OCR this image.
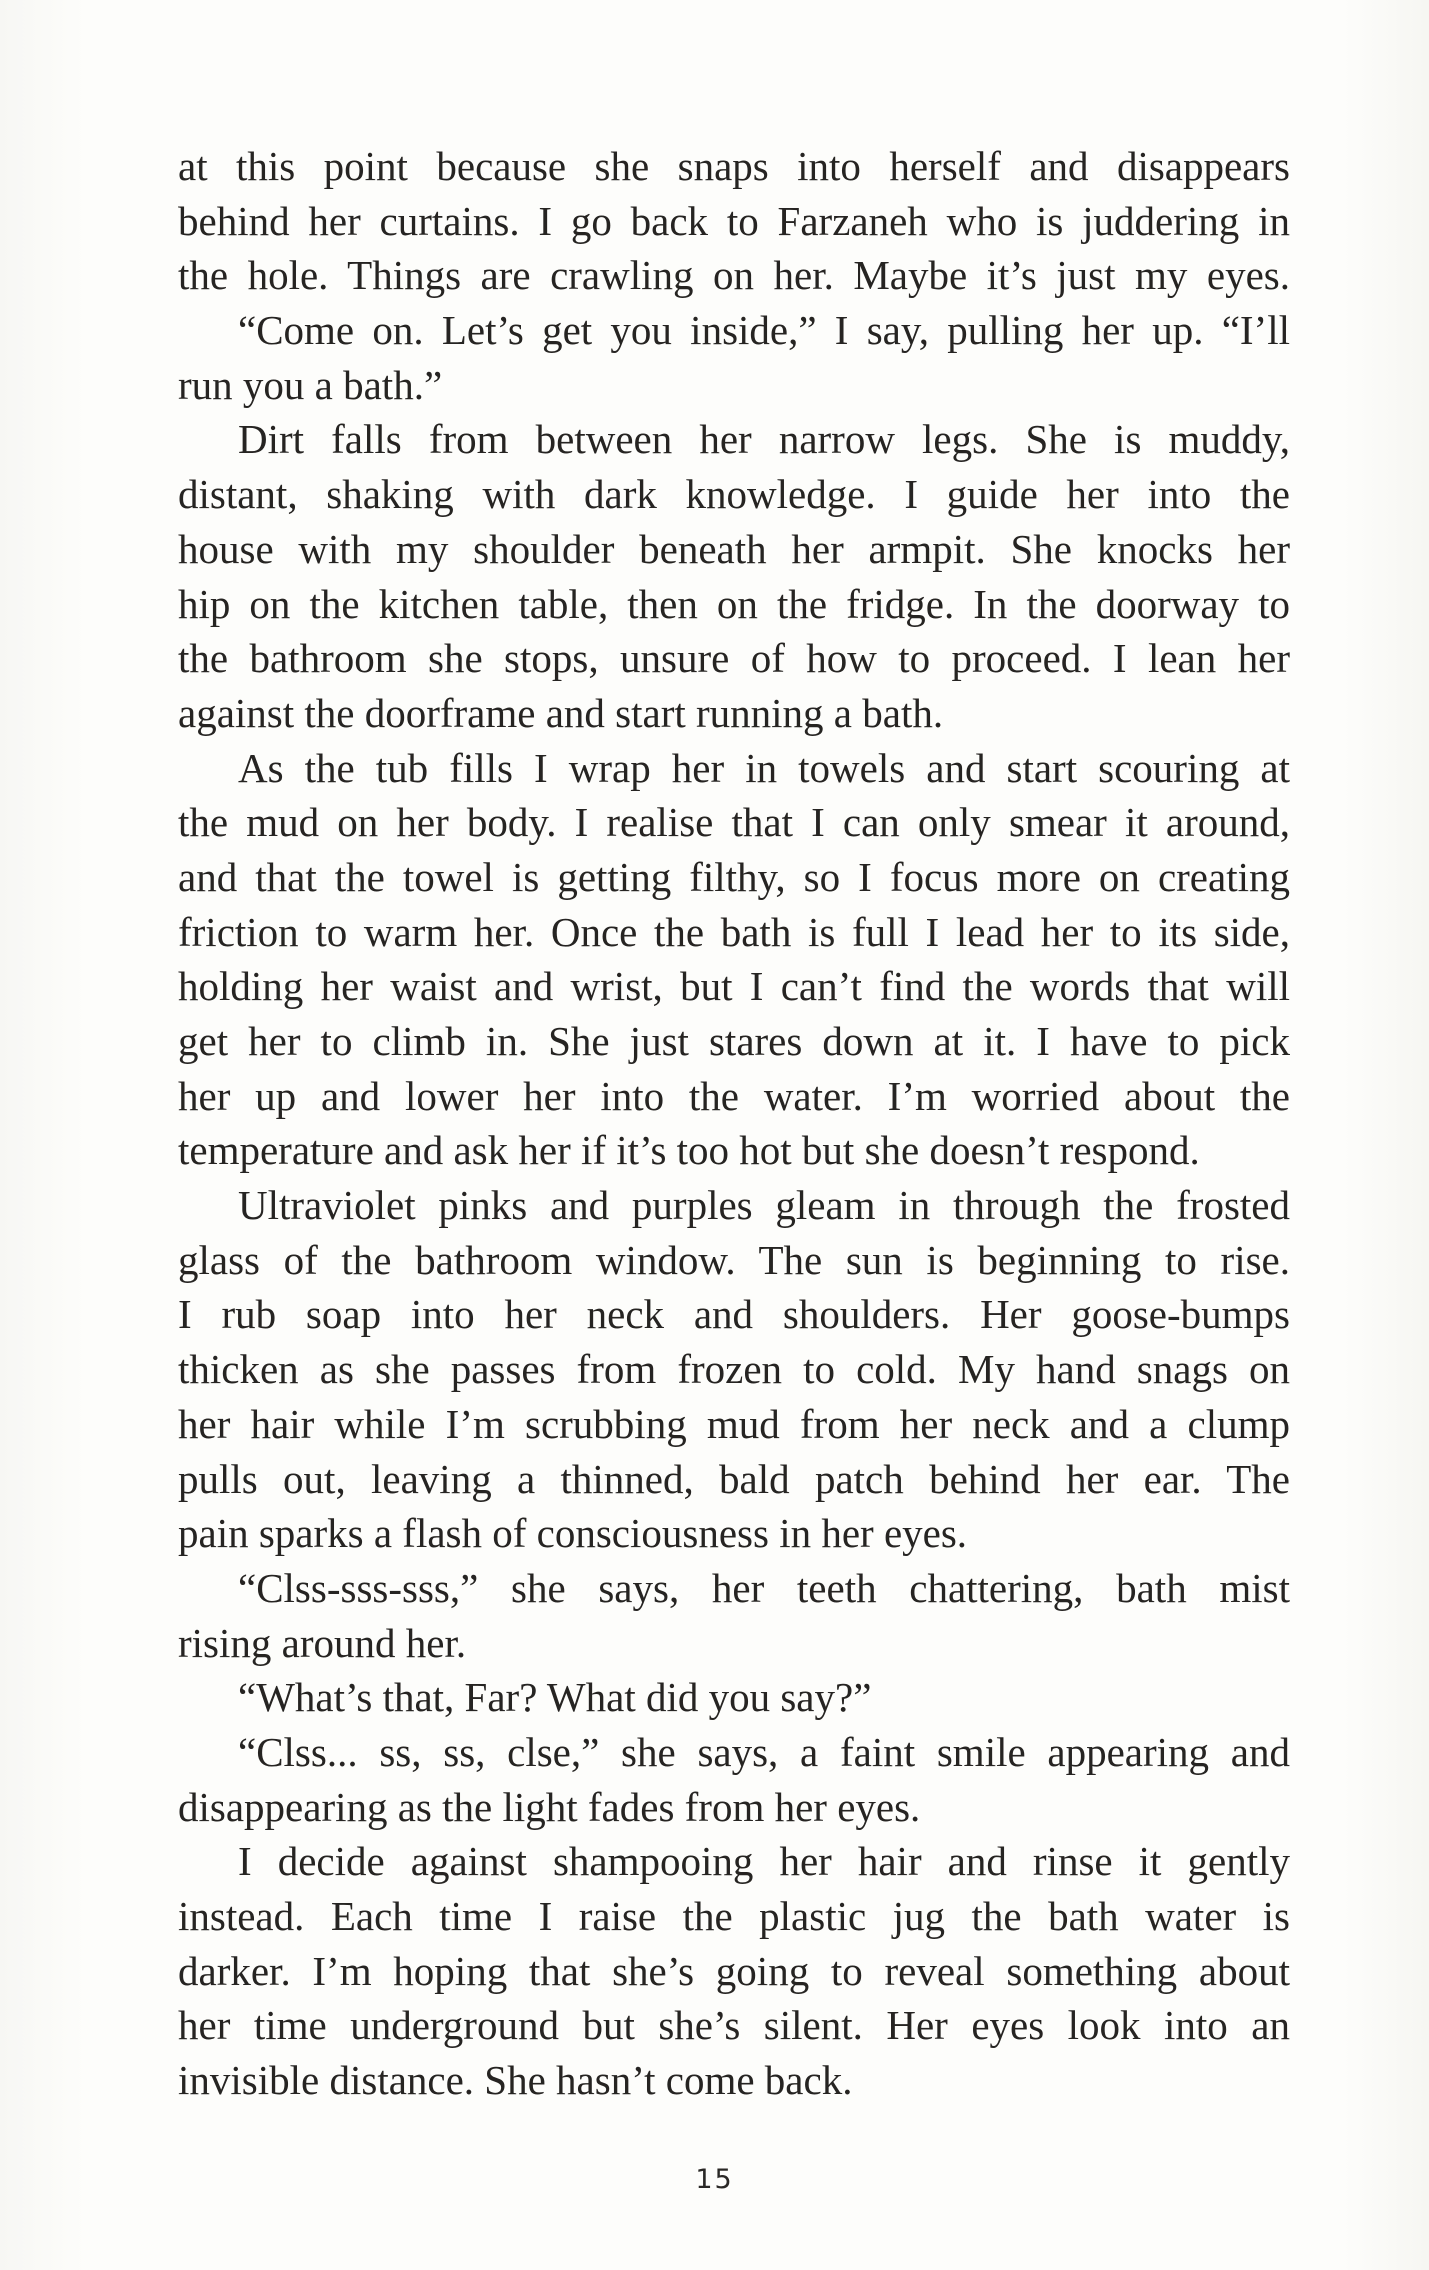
at this point because she snaps into herself and disappears
behind her curtains. I go back to Farzaneh who is juddering in
the hole. Things are crawling on her. Maybe it’s just my eyes.
“Come on. Let’s get you inside,” I say, pulling her up. “I’ll
run you a bath.”
Dirt falls from between her narrow legs. She is muddy,
distant, shaking with dark knowledge. I guide her into the
house with my shoulder beneath her armpit. She knocks her
hip on the kitchen table, then on the fridge. In the doorway to
the bathroom she stops, unsure of how to proceed. I lean her
against the doorframe and start running a bath.
As the tub fills I wrap her in towels and start scouring at
the mud on her body. I realise that I can only smear it around,
and that the towel is getting filthy, so I focus more on creating
friction to warm her. Once the bath is full I lead her to its side,
holding her waist and wrist, but I can’t find the words that will
get her to climb in. She just stares down at it. I have to pick
her up and lower her into the water. I’m worried about the
temperature and ask her if it’s too hot but she doesn’t respond.
Ultraviolet pinks and purples gleam in through the frosted
glass of the bathroom window. The sun is beginning to rise.
I rub soap into her neck and shoulders. Her goose-bumps
thicken as she passes from frozen to cold. My hand snags on
her hair while I’m scrubbing mud from her neck and a clump
pulls out, leaving a thinned, bald patch behind her ear. The
pain sparks a flash of consciousness in her eyes.
“Clss-sss-sss,” she says, her teeth chattering, bath mist
rising around her.
“What’s that, Far? What did you say?”
“Clss... ss, ss, clse,” she says, a faint smile appearing and
disappearing as the light fades from her eyes.
I decide against shampooing her hair and rinse it gently
instead. Each time I raise the plastic jug the bath water is
darker. I’m hoping that she’s going to reveal something about
her time underground but she’s silent. Her eyes look into an
invisible distance. She hasn’t come back.
15
